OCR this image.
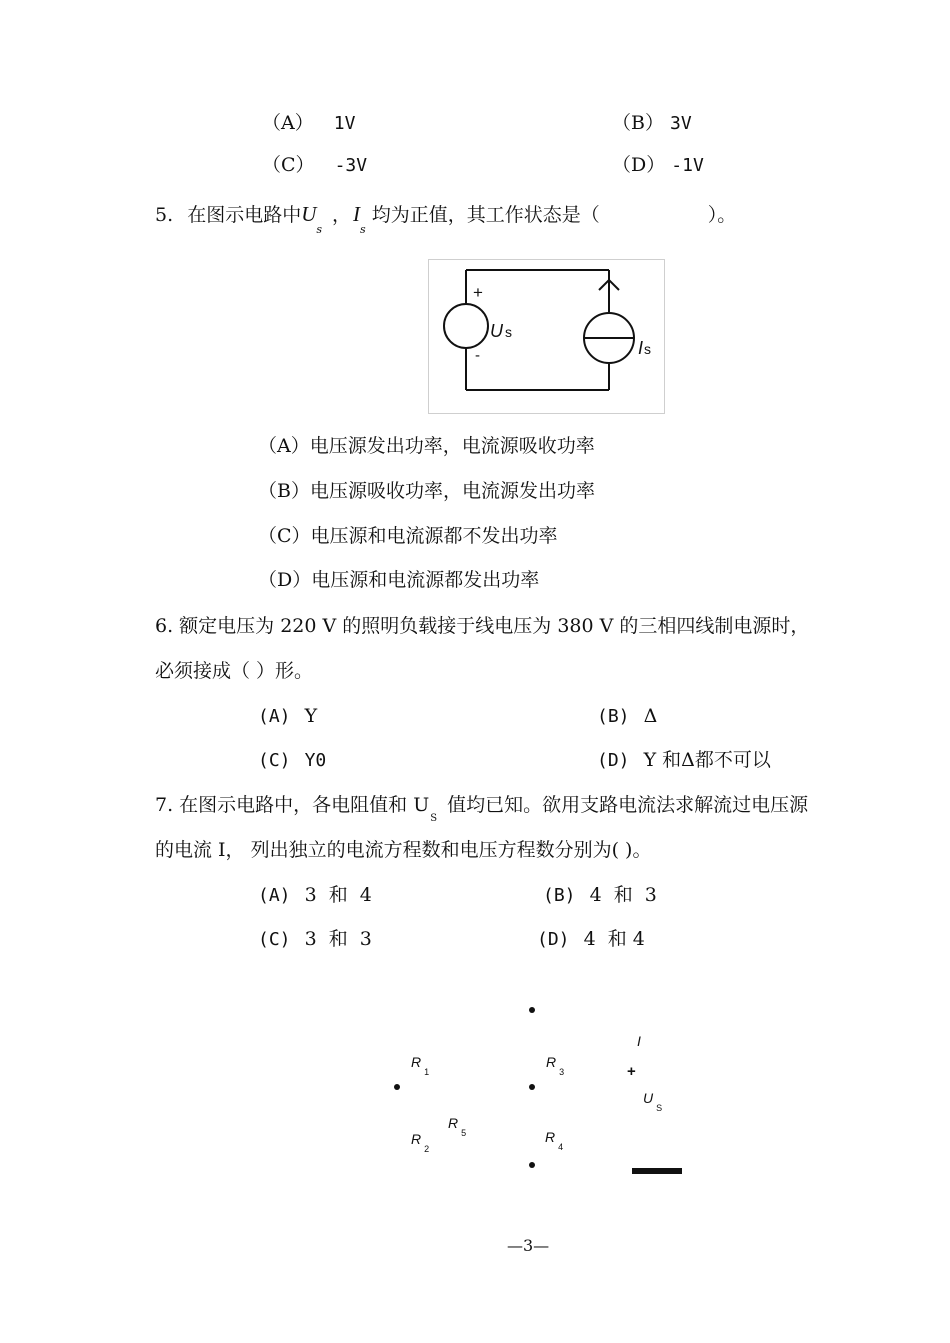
（A） 1V	（B） 3V
（C） -3V	（D） -1V
5. 在图示电路中$U_s$，$I_s$均为正值，其工作状态是（	）。
+
-
U s
Is
（A）电压源发出功率，电流源吸收功率
（B）电压源吸收功率，电流源发出功率
（C）电压源和电流源都不发出功率
（D）电压源和电流源都发出功率
6. 额定电压为 220 V 的照明负载接于线电压为 380 V 的三相四线制电源时，
必须接成（ ）形。
(A) Y	(B) Δ
(C) Y0	(D) Y 和Δ都不可以
7. 在图示电路中，各电阻值和 $U_S$值均已知。欲用支路电流法求解流过电压源
的电流 I， 列出独立的电流方程数和电压方程数分别为( )。
(A) 3  和  4	(B) 4  和  3
(C) 3  和  3	(D) 4  和 4
$R_1$
$R_2$
$R_3$
$R_4$
$R_5$
I
+
$U_S$
—3—
